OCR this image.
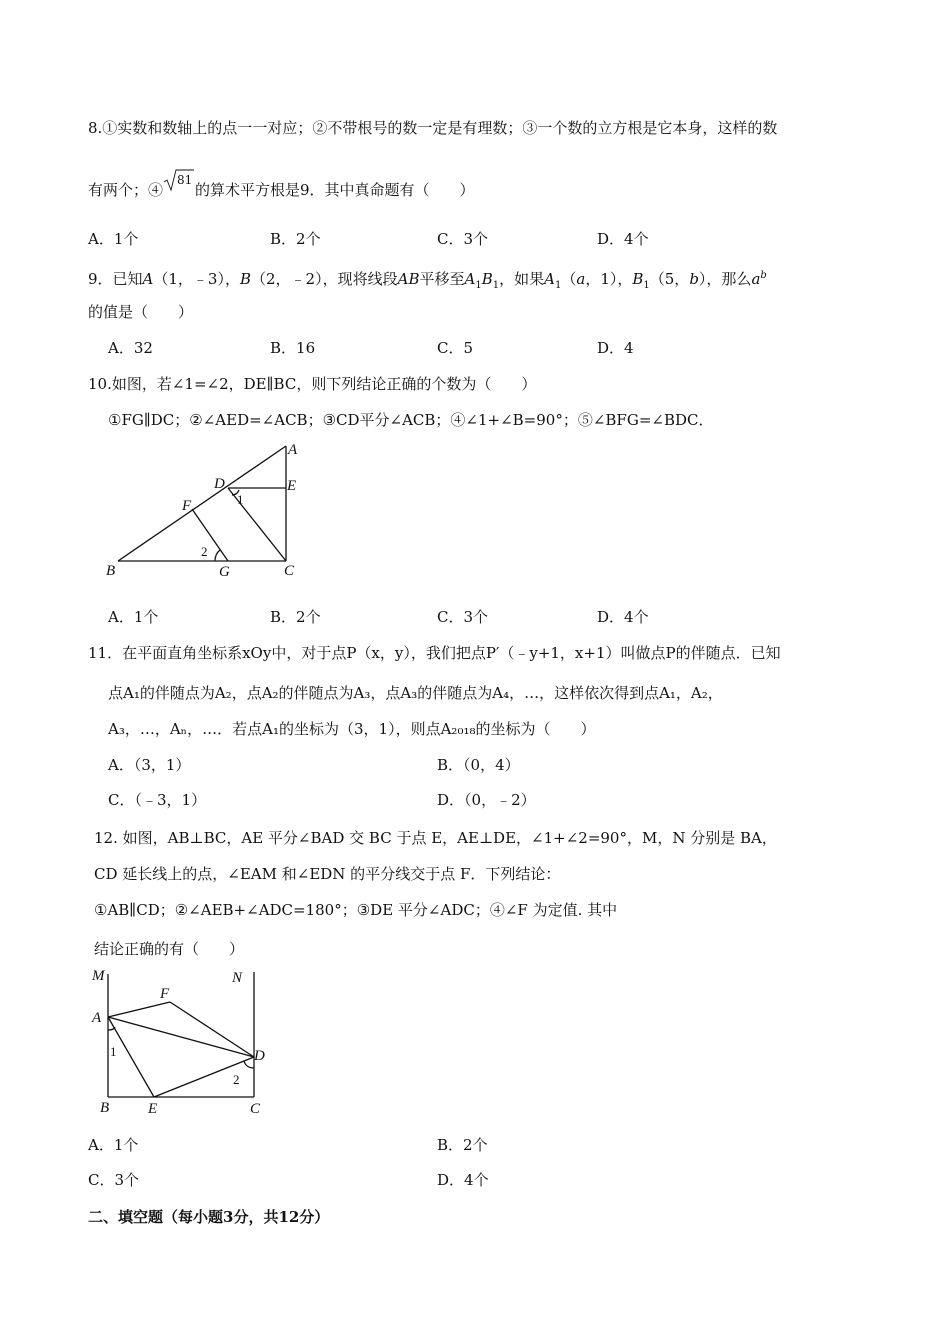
8.①实数和数轴上的点一一对应；②不带根号的数一定是有理数；③一个数的立方根是它本身，这样的数
有两个；④
81
的算术平方根是9．其中真命题有（　　）
A．1个	B．2个	C．3个	D．4个
9．已知A（1，﹣3），B（2，﹣2），现将线段AB平移至$A_1B_1$，如果$A_1(a$，1），$B_1(5$，b），那么$a^b$
的值是（　　）
A．32	B．16	C．5	D．4
10.如图，若∠1=∠2，DE∥BC，则下列结论正确的个数为（　　）
①FG∥DC；②∠AED=∠ACB；③CD平分∠ACB；④∠1+∠B=90°；⑤∠BFG=∠BDC．
A
B	C
D	E
F
G
1
2
A．1个	B．2个	C．3个	D．4个
11．在平面直角坐标系xOy中，对于点P（x，y），我们把点P′（﹣y+1，x+1）叫做点P的伴随点．已知
点A₁的伴随点为A₂，点A₂的伴随点为A₃，点A₃的伴随点为A₄，…，这样依次得到点A₁，A₂，
A₃，…，Aₙ，…．若点A₁的坐标为（3，1），则点A₂₀₁₈的坐标为（　　）
A．（3，1）	B．（0，4）
C．（﹣3，1）	D．（0，﹣2）
12. 如图，AB⊥BC，AE 平分∠BAD 交 BC 于点 E，AE⊥DE，∠1+∠2=90°，M，N 分别是 BA，
CD 延长线上的点，∠EAM 和∠EDN 的平分线交于点 F．下列结论：
①AB∥CD；②∠AEB+∠ADC=180°；③DE 平分∠ADC；④∠F 为定值. 其中
结论正确的有（　　）
M	N
A
F
D
B	E	C
1
2
A．1个	B．2个
C．3个	D．4个
二、填空题（每小题3分，共12分）
